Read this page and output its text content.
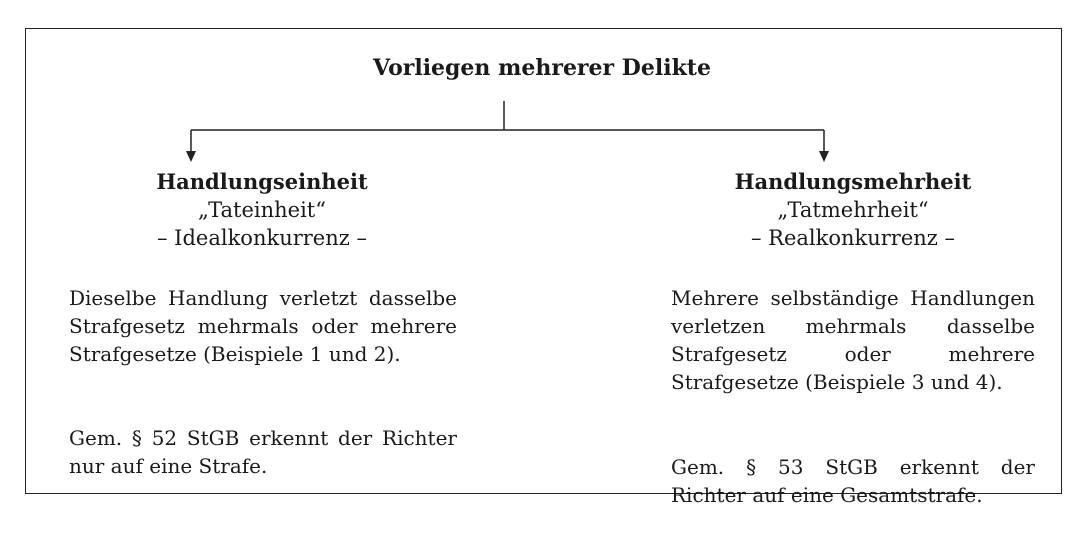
Vorliegen mehrerer Delikte
Handlungseinheit
„Tateinheit“
– Idealkonkurrenz –
Handlungsmehrheit
„Tatmehrheit“
– Realkonkurrenz –
Dieselbe Handlung verletzt dasselbe Strafgesetz mehrmals oder mehrere Strafgesetze (Beispiele 1 und 2).
Gem. § 52 StGB erkennt der Richter nur auf eine Strafe.
Mehrere selbständige Handlungen verletzen mehrmals dasselbe Strafgesetz oder mehrere Strafgesetze (Beispiele 3 und 4).
Gem. § 53 StGB erkennt der Richter auf eine Gesamtstrafe.
